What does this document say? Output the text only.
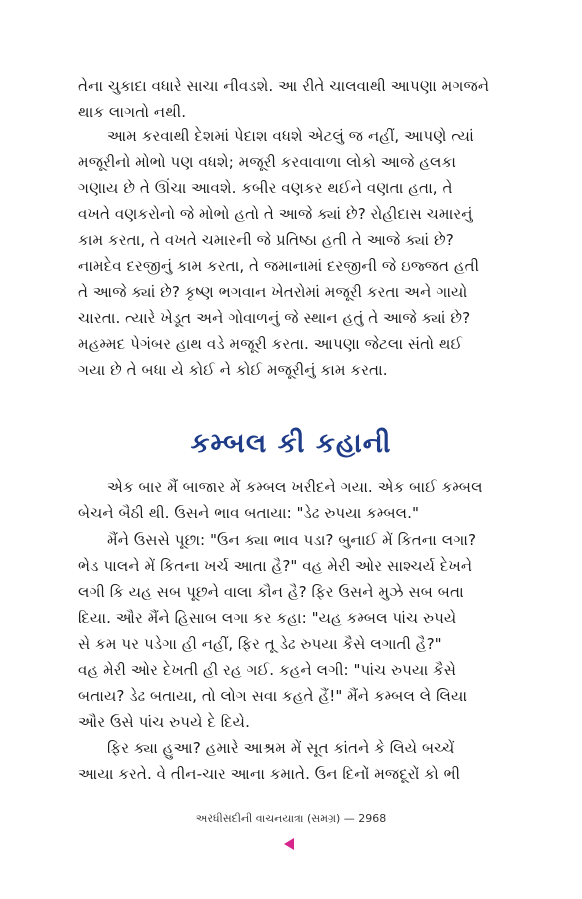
તેના ચુકાદા વધારે સાચા નીવડશે. આ રીતે ચાલવાથી આપણા મગજને
થાક લાગતો નથી.

આમ કરવાથી દેશમાં પેદાશ વધશે એટલું જ નહીં, આપણે ત્યાં
મજૂરીનો મોભો પણ વધશે; મજૂરી કરવાવાળા લોકો આજે હલકા
ગણાય છે તે ઊંચા આવશે. કબીર વણકર થઈને વણતા હતા, તે
વખતે વણકરોનો જે મોભો હતો તે આજે ક્યાં છે? રોહીદાસ ચમારનું
કામ કરતા, તે વખતે ચમારની જે પ્રતિષ્ઠા હતી તે આજે ક્યાં છે?
નામદેવ દરજીનું કામ કરતા, તે જમાનામાં દરજીની જે ઇજ્જત હતી
તે આજે ક્યાં છે? કૃષ્ણ ભગવાન ખેતરોમાં મજૂરી કરતા અને ગાયો
ચારતા. ત્યારે ખેડૂત અને ગોવાળનું જે સ્થાન હતું તે આજે ક્યાં છે?
મહમ્મદ પેગંબર હાથ વડે મજૂરી કરતા. આપણા જેટલા સંતો થઈ
ગયા છે તે બધા યે કોઈ ને કોઈ મજૂરીનું કામ કરતા.

કમ્બલ કી કહાની

એક બાર મૈં બાજાર મેં કમ્બલ ખરીદને ગયા. એક બાઈ કમ્બલ
બેચને બૈઠી થી. ઉસને ભાવ બતાયા: "ડેઢ રુપયા કમ્બલ."

મૈંને ઉસસે પૂછા: "ઉન ક્યા ભાવ પડા? બુનાઈ મેં કિતના લગા?
ભેડ પાલને મેં કિતના ખર્ચ આતા હૈ?" વહ મેરી ઓર સાશ્ચર્ય દેખને
લગી કિ યહ સબ પૂછને વાલા કૌન હૈ? ફિર ઉસને મુઝે સબ બતા
દિયા. ઔર મૈંને હિસાબ લગા કર કહા: "યહ કમ્બલ પાંચ રુપયે
સે કમ પર પડેગા હી નહીં, ફિર તૂ ડેઢ રુપયા કૈસે લગાતી હૈ?"
વહ મેરી ઓર દેખતી હી રહ ગઈ. કહને લગી: "પાંચ રુપયા કૈસે
બતાય? ડેઢ બતાયા, તો લોગ સવા કહતે હૈં!" મૈંને કમ્બલ લે લિયા
ઔર ઉસે પાંચ રુપયે દે દિયે.

ફિર ક્યા હુઆ? હમારે આશ્રમ મેં સૂત કાંતને કે લિયે બચ્ચેં
આયા કરતે. વે તીન-ચાર આના કમાતે. ઉન દિનોં મજદૂરોં કો ભી

અરધીસદીની વાચનયાત્રા (સમગ્ર) — 2968
